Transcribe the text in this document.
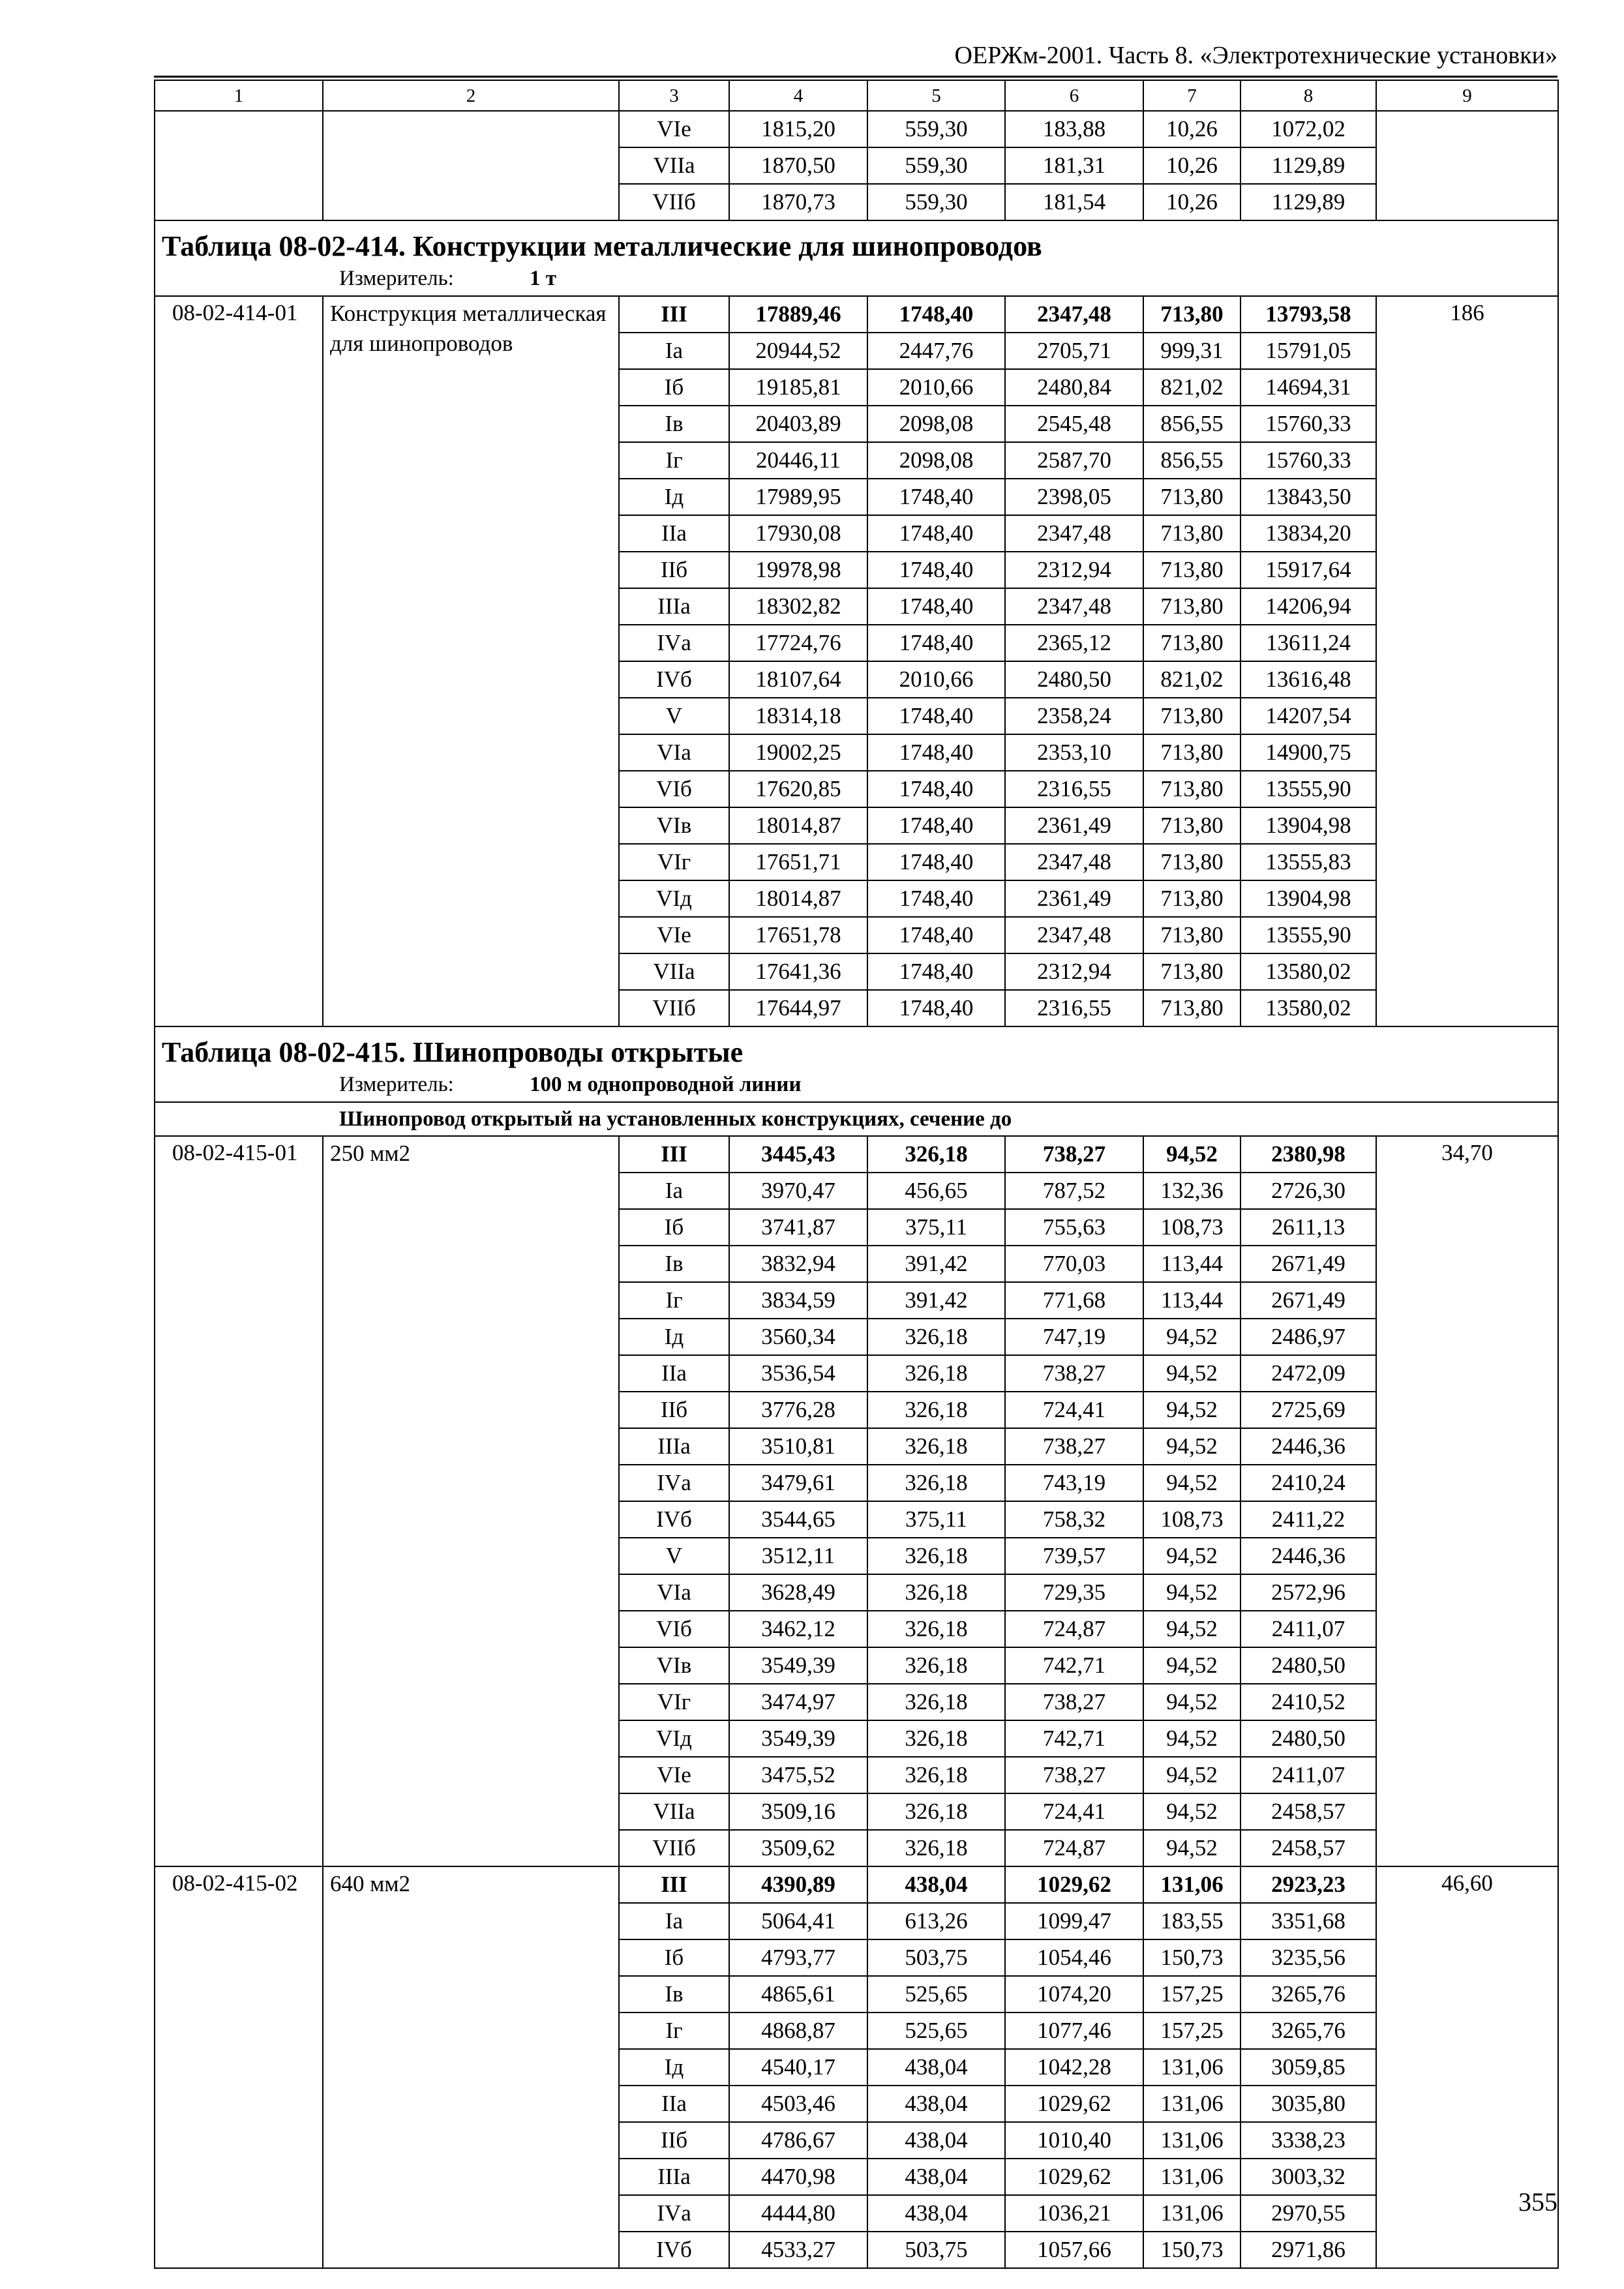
ОЕРЖм-2001. Часть 8. «Электротехнические установки»
1	2	3	4	5	6	7	8	9
		VIе	1815,20	559,30	183,88	10,26	1072,02	
		VIIа	1870,50	559,30	181,31	10,26	1129,89	
		VIIб	1870,73	559,30	181,54	10,26	1129,89	

Таблица 08-02-414. Конструкции металлические для шинопроводов
Измеритель: 1 т								

08-02-414-01	Конструкция металлическая для шинопроводов	III	17889,46	1748,40	2347,48	713,80	13793,58	186
		Iа	20944,52	2447,76	2705,71	999,31	15791,05	
		Iб	19185,81	2010,66	2480,84	821,02	14694,31	
		Iв	20403,89	2098,08	2545,48	856,55	15760,33	
		Iг	20446,11	2098,08	2587,70	856,55	15760,33	
		Iд	17989,95	1748,40	2398,05	713,80	13843,50	
		IIа	17930,08	1748,40	2347,48	713,80	13834,20	
		IIб	19978,98	1748,40	2312,94	713,80	15917,64	
		IIIа	18302,82	1748,40	2347,48	713,80	14206,94	
		IVа	17724,76	1748,40	2365,12	713,80	13611,24	
		IVб	18107,64	2010,66	2480,50	821,02	13616,48	
		V	18314,18	1748,40	2358,24	713,80	14207,54	
		VIа	19002,25	1748,40	2353,10	713,80	14900,75	
		VIб	17620,85	1748,40	2316,55	713,80	13555,90	
		VIв	18014,87	1748,40	2361,49	713,80	13904,98	
		VIг	17651,71	1748,40	2347,48	713,80	13555,83	
		VIд	18014,87	1748,40	2361,49	713,80	13904,98	
		VIе	17651,78	1748,40	2347,48	713,80	13555,90	
		VIIа	17641,36	1748,40	2312,94	713,80	13580,02	
		VIIб	17644,97	1748,40	2316,55	713,80	13580,02	

Таблица 08-02-415. Шинопроводы открытые
Измеритель: 100 м однопроводной линии								

Шинопровод открытый на установленных конструкциях, сечение до								
08-02-415-01	250 мм2	III	3445,43	326,18	738,27	94,52	2380,98	34,70
		Iа	3970,47	456,65	787,52	132,36	2726,30	
		Iб	3741,87	375,11	755,63	108,73	2611,13	
		Iв	3832,94	391,42	770,03	113,44	2671,49	
		Iг	3834,59	391,42	771,68	113,44	2671,49	
		Iд	3560,34	326,18	747,19	94,52	2486,97	
		IIа	3536,54	326,18	738,27	94,52	2472,09	
		IIб	3776,28	326,18	724,41	94,52	2725,69	
		IIIа	3510,81	326,18	738,27	94,52	2446,36	
		IVа	3479,61	326,18	743,19	94,52	2410,24	
		IVб	3544,65	375,11	758,32	108,73	2411,22	
		V	3512,11	326,18	739,57	94,52	2446,36	
		VIа	3628,49	326,18	729,35	94,52	2572,96	
		VIб	3462,12	326,18	724,87	94,52	2411,07	
		VIв	3549,39	326,18	742,71	94,52	2480,50	
		VIг	3474,97	326,18	738,27	94,52	2410,52	
		VIд	3549,39	326,18	742,71	94,52	2480,50	
		VIе	3475,52	326,18	738,27	94,52	2411,07	
		VIIа	3509,16	326,18	724,41	94,52	2458,57	
		VIIб	3509,62	326,18	724,87	94,52	2458,57	
08-02-415-02	640 мм2	III	4390,89	438,04	1029,62	131,06	2923,23	46,60
		Iа	5064,41	613,26	1099,47	183,55	3351,68	
		Iб	4793,77	503,75	1054,46	150,73	3235,56	
		Iв	4865,61	525,65	1074,20	157,25	3265,76	
		Iг	4868,87	525,65	1077,46	157,25	3265,76	
		Iд	4540,17	438,04	1042,28	131,06	3059,85	
		IIа	4503,46	438,04	1029,62	131,06	3035,80	
		IIб	4786,67	438,04	1010,40	131,06	3338,23	
		IIIа	4470,98	438,04	1029,62	131,06	3003,32	
		IVа	4444,80	438,04	1036,21	131,06	2970,55	
		IVб	4533,27	503,75	1057,66	150,73	2971,86	
355
